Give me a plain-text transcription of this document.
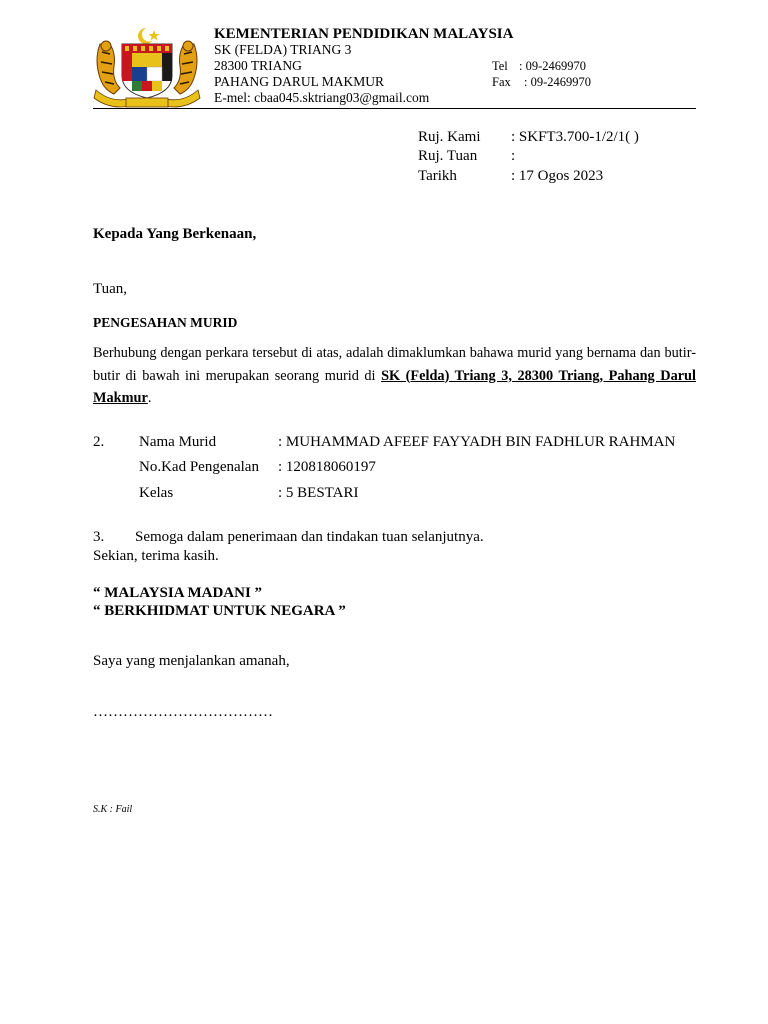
KEMENTERIAN PENDIDIKAN MALAYSIA
SK (FELDA) TRIANG 3
28300 TRIANG
PAHANG DARUL MAKMUR
E-mel: cbaa045.sktriang03@gmail.com
Tel : 09-2469970
Fax : 09-2469970
Ruj. Kami : SKFT3.700-1/2/1( )
Ruj. Tuan :
Tarikh	: 17 Ogos 2023
Kepada Yang Berkenaan,
Tuan,
PENGESAHAN MURID
Berhubung dengan perkara tersebut di atas, adalah dimaklumkan bahawa murid yang bernama dan butir-butir di bawah ini merupakan seorang murid di SK (Felda) Triang 3, 28300 Triang, Pahang Darul Makmur.
2. Nama Murid	: MUHAMMAD AFEEF FAYYADH BIN FADHLUR RAHMAN
No.Kad Pengenalan : 120818060197
Kelas	: 5 BESTARI
3. Semoga dalam penerimaan dan tindakan tuan selanjutnya.
Sekian, terima kasih.
“ MALAYSIA MADANI ”
“ BERKHIDMAT UNTUK NEGARA ”
Saya yang menjalankan amanah,
………………………………
S.K : Fail
